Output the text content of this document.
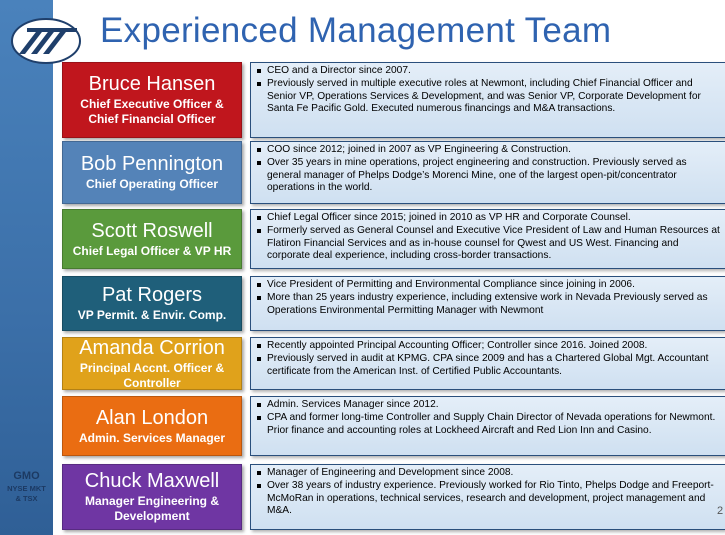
Experienced Management Team
GMO
NYSE MKT
& TSX
Bruce Hansen
Chief Executive Officer & Chief Financial Officer
CEO and a Director since 2007.
Previously served in multiple executive roles at Newmont, including Chief Financial Officer and Senior VP, Operations Services & Development, and was Senior VP, Corporate Development for Santa Fe Pacific Gold. Executed numerous financings and M&A transactions.
Bob Pennington
Chief Operating Officer
COO since 2012; joined in 2007 as VP Engineering & Construction.
Over 35 years in mine operations, project engineering and construction. Previously served as general manager of Phelps Dodge’s Morenci Mine, one of the largest open-pit/concentrator operations in the world.
Scott Roswell
Chief Legal Officer & VP HR
Chief Legal Officer since 2015; joined in 2010 as VP HR and Corporate Counsel.
Formerly served as General Counsel and Executive Vice President of Law and Human Resources at Flatiron Financial Services and as in-house counsel for Qwest and US West. Financing and corporate deal experience, including cross-border transactions.
Pat Rogers
VP Permit. & Envir. Comp.
Vice President of Permitting and Environmental Compliance since joining in 2006.
More than 25 years industry experience, including extensive work in Nevada Previously served as Operations Environmental Permitting Manager with Newmont
Amanda Corrion
Principal Accnt. Officer & Controller
Recently appointed Principal Accounting Officer; Controller since 2016. Joined 2008.
Previously served in audit at KPMG. CPA since 2009 and has a Chartered Global Mgt. Accountant certificate from the American Inst. of Certified Public Accountants.
Alan London
Admin. Services Manager
Admin. Services Manager since 2012.
CPA and former long-time Controller and Supply Chain Director of Nevada operations for Newmont. Prior finance and accounting roles at Lockheed Aircraft and Red Lion Inn and Casino.
Chuck Maxwell
Manager Engineering & Development
Manager of Engineering and Development since 2008.
Over 38 years of industry experience. Previously worked for Rio Tinto, Phelps Dodge and Freeport-McMoRan in operations, technical services, research and development, project management and M&A.	2
